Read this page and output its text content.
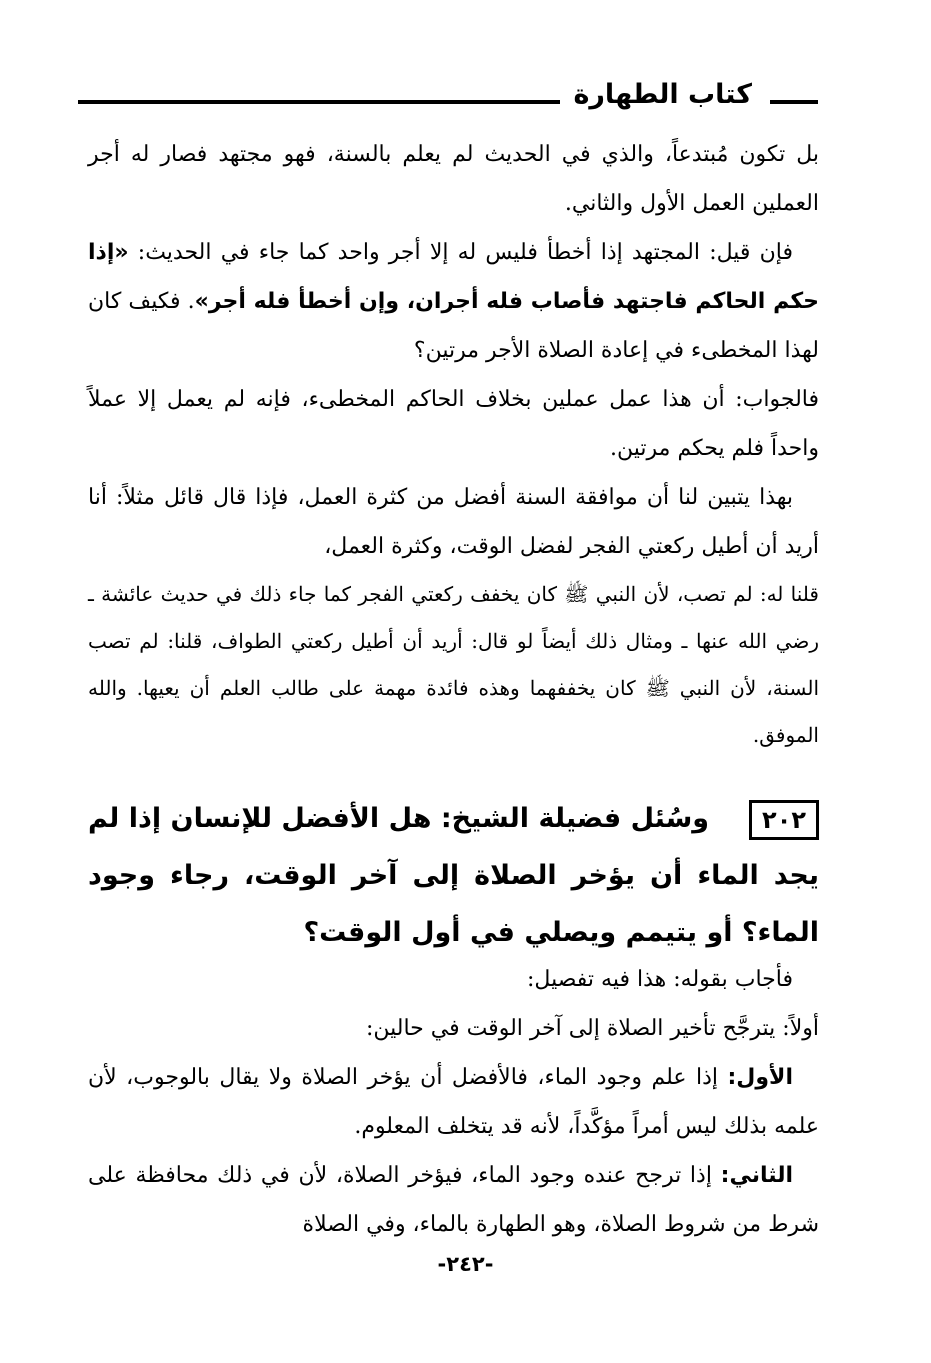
كتاب الطهارة

بل تكون مُبتدعاً، والذي في الحديث لم يعلم بالسنة، فهو مجتهد فصار له أجر العملين العمل الأول والثاني.

فإن قيل: المجتهد إذا أخطأ فليس له إلا أجر واحد كما جاء في الحديث: «إذا حكم الحاكم فاجتهد فأصاب فله أجران، وإن أخطأ فله أجر». فكيف كان لهذا المخطىء في إعادة الصلاة الأجر مرتين؟

فالجواب: أن هذا عمل عملين بخلاف الحاكم المخطىء، فإنه لم يعمل إلا عملاً واحداً فلم يحكم مرتين.

بهذا يتبين لنا أن موافقة السنة أفضل من كثرة العمل، فإذا قال قائل مثلاً: أنا أريد أن أطيل ركعتي الفجر لفضل الوقت، وكثرة العمل،

قلنا له: لم تصب، لأن النبي ﷺ كان يخفف ركعتي الفجر كما جاء ذلك في حديث عائشة ـ رضي الله عنها ـ ومثال ذلك أيضاً لو قال: أريد أن أطيل ركعتي الطواف، قلنا: لم تصب السنة، لأن النبي ﷺ كان يخففهما وهذه فائدة مهمة على طالب العلم أن يعيها. والله الموفق.

٢٠٢وسُئل فضيلة الشيخ: هل الأفضل للإنسان إذا لم يجد الماء أن يؤخر الصلاة إلى آخر الوقت، رجاء وجود الماء؟ أو يتيمم ويصلي في أول الوقت؟

فأجاب بقوله: هذا فيه تفصيل:

أولاً: يترجَّح تأخير الصلاة إلى آخر الوقت في حالين:

الأول: إذا علم وجود الماء، فالأفضل أن يؤخر الصلاة ولا يقال بالوجوب، لأن علمه بذلك ليس أمراً مؤكَّداً، لأنه قد يتخلف المعلوم.

الثاني: إذا ترجح عنده وجود الماء، فيؤخر الصلاة، لأن في ذلك محافظة على شرط من شروط الصلاة، وهو الطهارة بالماء، وفي الصلاة

-٢٤٢-
